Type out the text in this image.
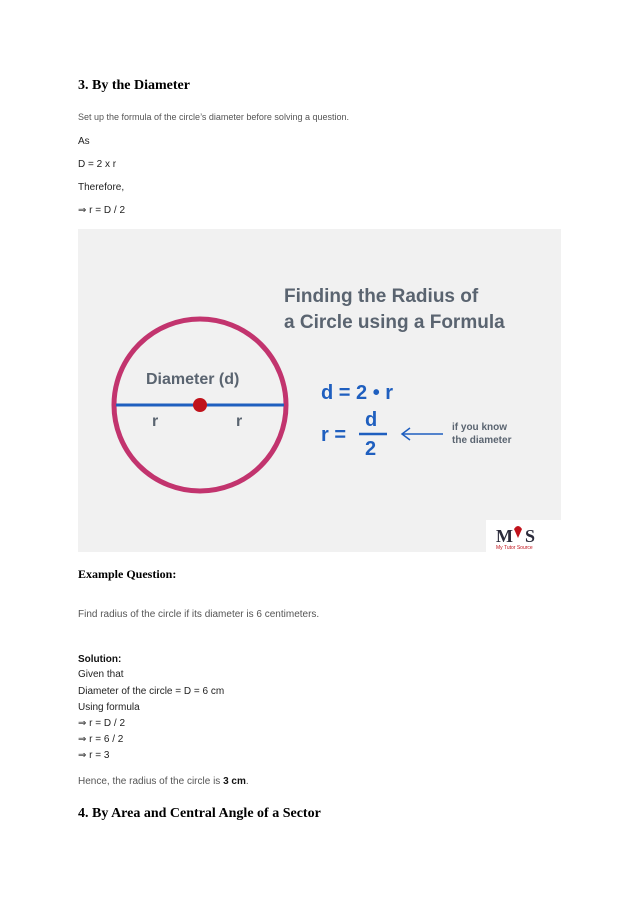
3. By the Diameter
Set up the formula of the circle’s diameter before solving a question.
As
D = 2 x r
Therefore,
⇒ r = D / 2
Diameter (d)
r	r
Finding the Radius of
a Circle using a Formula
d = 2 • r
r =
d
2
if you know
the diameter
M S
My Tutor Source
Example Question:
Find radius of the circle if its diameter is 6 centimeters.
Solution:
Given that
Diameter of the circle = D = 6 cm
Using formula
⇒ r = D / 2
⇒ r = 6 / 2
⇒ r = 3
Hence, the radius of the circle is 3 cm.
4. By Area and Central Angle of a Sector
